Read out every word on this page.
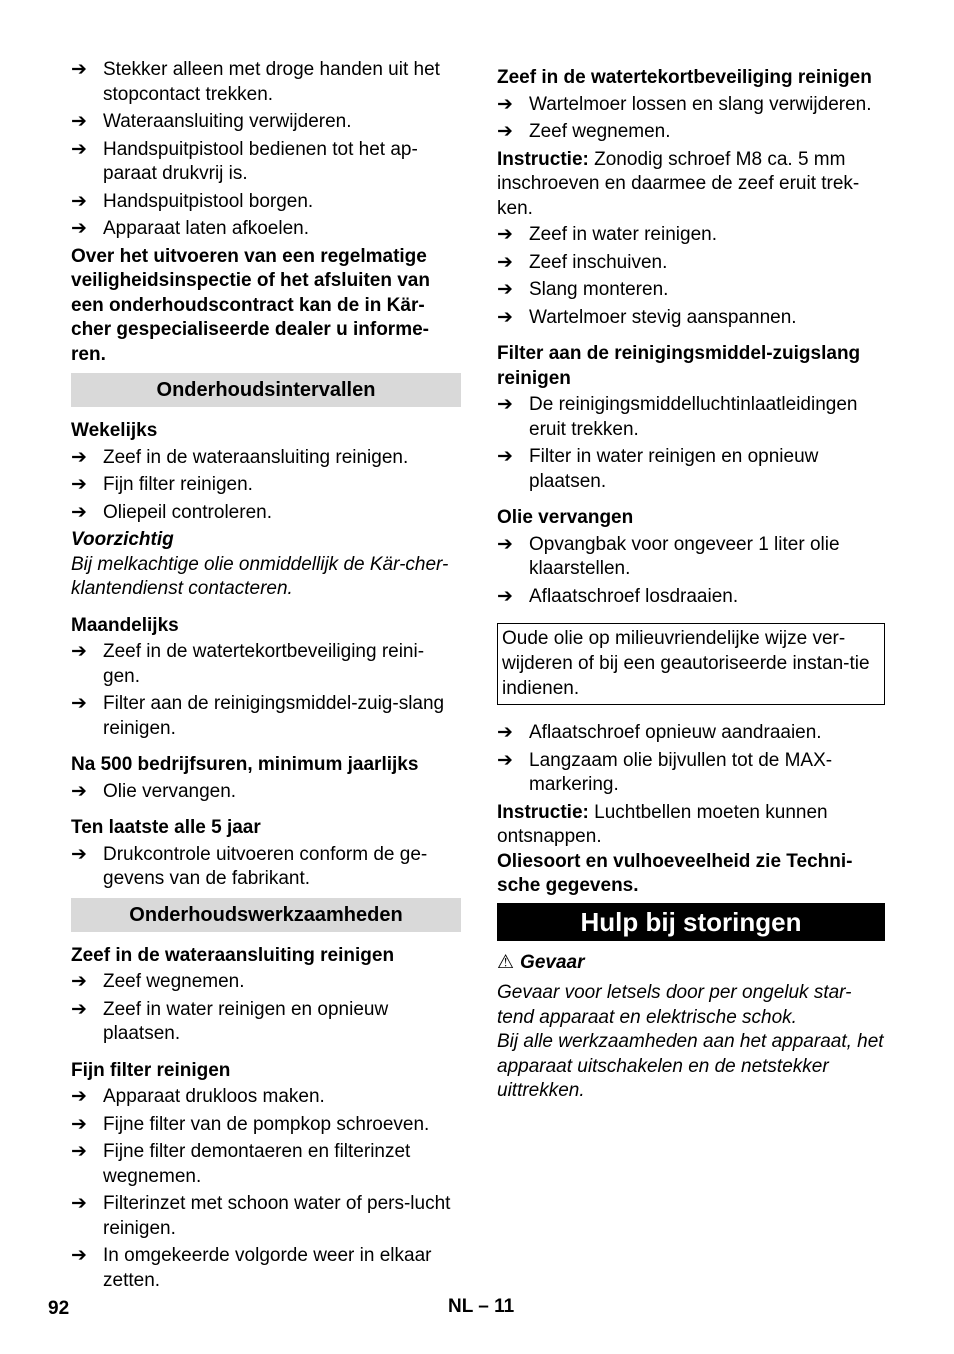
➔ Stekker alleen met droge handen uit het stopcontact trekken.
➔ Wateraansluiting verwijderen.
➔ Handspuitpistool bedienen tot het ap-paraat drukvrij is.
➔ Handspuitpistool borgen.
➔ Apparaat laten afkoelen.

Over het uitvoeren van een regelmatige veiligheidsinspectie of het afsluiten van een onderhoudscontract kan de in Kär-cher gespecialiseerde dealer u informe-ren.

Onderhoudsintervallen
Wekelijks
➔ Zeef in de wateraansluiting reinigen.
➔ Fijn filter reinigen.
➔ Oliepeil controleren.

Voorzichtig

Bij melkachtige olie onmiddellijk de Kär-cher-klantendienst contacteren.

Maandelijks
➔ Zeef in de watertekortbeveiliging reini-gen.
➔ Filter aan de reinigingsmiddel-zuig-slang reinigen.
Na 500 bedrijfsuren, minimum jaarlijks
➔ Olie vervangen.
Ten laatste alle 5 jaar
➔ Drukcontrole uitvoeren conform de ge-gevens van de fabrikant.
Onderhoudswerkzaamheden
Zeef in de wateraansluiting reinigen
➔ Zeef wegnemen.
➔ Zeef in water reinigen en opnieuw plaatsen.
Fijn filter reinigen
➔ Apparaat drukloos maken.
➔ Fijne filter van de pompkop schroeven.
➔ Fijne filter demontaeren en filterinzet wegnemen.
➔ Filterinzet met schoon water of pers-lucht reinigen.
➔ In omgekeerde volgorde weer in elkaar zetten.
Zeef in de watertekortbeveiliging reinigen
➔ Wartelmoer lossen en slang verwijderen.
➔ Zeef wegnemen.

Instructie: Zonodig schroef M8 ca. 5 mm inschroeven en daarmee de zeef eruit trek-ken.

➔ Zeef in water reinigen.
➔ Zeef inschuiven.
➔ Slang monteren.
➔ Wartelmoer stevig aanspannen.
Filter aan de reinigingsmiddel-zuigslang reinigen
➔ De reinigingsmiddelluchtinlaatleidingen eruit trekken.
➔ Filter in water reinigen en opnieuw plaatsen.
Olie vervangen
➔ Opvangbak voor ongeveer 1 liter olie klaarstellen.
➔ Aflaatschroef losdraaien.
Oude olie op milieuvriendelijke wijze ver-wijderen of bij een geautoriseerde instan-tie indienen.
➔ Aflaatschroef opnieuw aandraaien.
➔ Langzaam olie bijvullen tot de MAX-markering.

Instructie: Luchtbellen moeten kunnen ontsnappen.

Oliesoort en vulhoeveelheid zie Techni-sche gegevens.

Hulp bij storingen

⚠ Gevaar

Gevaar voor letsels door per ongeluk star-tend apparaat en elektrische schok.

Bij alle werkzaamheden aan het apparaat, het apparaat uitschakelen en de netstekker uittrekken.

92	NL – 11
